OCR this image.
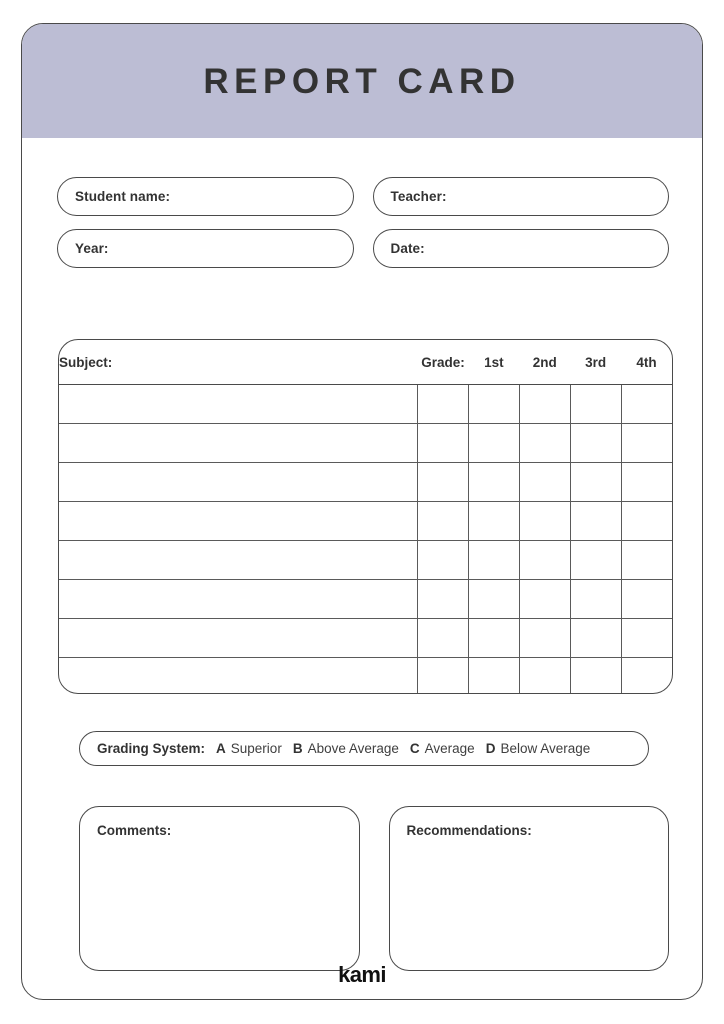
REPORT CARD
Student name:	Teacher:
Year:	Date:
Subject:	Grade:	1st	2nd	3rd	4th

Grading System: A Superior B Above Average C Average D Below Average
Comments:	Recommendations:
kami
